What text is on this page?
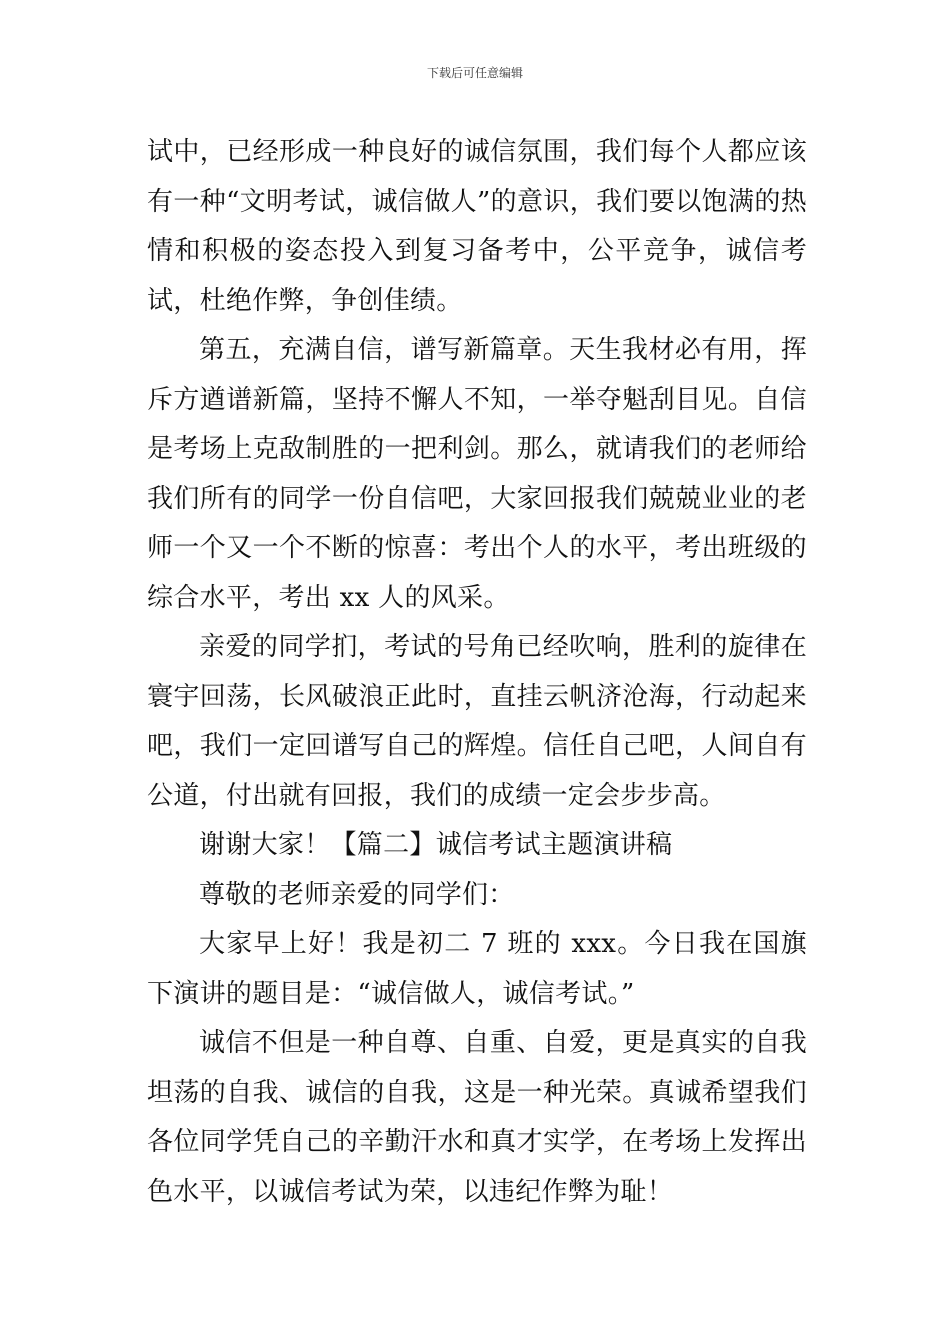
下载后可任意编辑

试中，已经形成一种良好的诚信氛围，我们每个人都应该有一种“文明考试，诚信做人”的意识，我们要以饱满的热情和积极的姿态投入到复习备考中，公平竞争，诚信考试，杜绝作弊，争创佳绩。

第五，充满自信，谱写新篇章。天生我材必有用，挥斥方遒谱新篇，坚持不懈人不知，一举夺魁刮目见。自信是考场上克敌制胜的一把利剑。那么，就请我们的老师给我们所有的同学一份自信吧，大家回报我们兢兢业业的老师一个又一个不断的惊喜：考出个人的水平，考出班级的综合水平，考出 xx 人的风采。

亲爱的同学扪，考试的号角已经吹响，胜利的旋律在寰宇回荡，长风破浪正此时，直挂云帆济沧海，行动起来吧，我们一定回谱写自己的辉煌。信任自己吧，人间自有公道，付出就有回报，我们的成绩一定会步步高。

谢谢大家！【篇二】诚信考试主题演讲稿

尊敬的老师亲爱的同学们：

大家早上好！我是初二 7 班的 xxx。今日我在国旗下演讲的题目是：“诚信做人，诚信考试。”

诚信不但是一种自尊、自重、自爱，更是真实的自我坦荡的自我、诚信的自我，这是一种光荣。真诚希望我们各位同学凭自己的辛勤汗水和真才实学，在考场上发挥出色水平，以诚信考试为荣，以违纪作弊为耻！
